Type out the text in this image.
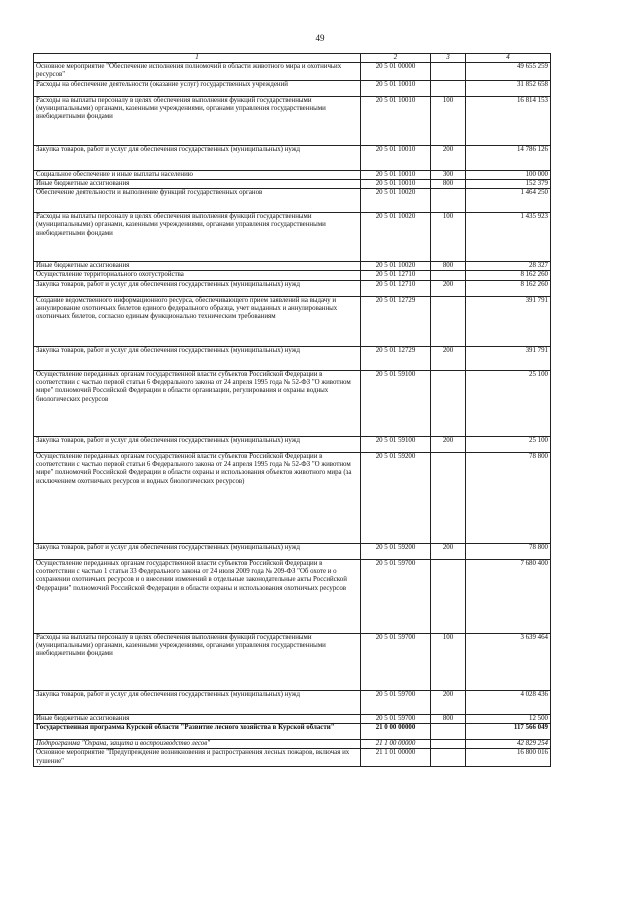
49
1	2	3	4
Основное мероприятие "Обеспечение исполнения полномочий в области животного мира и охотничьих ресурсов"	20 5 01 00000		49 655 259
Расходы на обеспечение деятельности (оказание услуг) государственных учреждений	20 5 01 10010		31 852 658
Расходы на выплаты персоналу в целях обеспечения выполнения функций государственными (муниципальными) органами, казенными учреждениями, органами управления государственными внебюджетными фондами	20 5 01 10010	100	16 814 153
Закупка товаров, работ и услуг для обеспечения государственных (муниципальных) нужд	20 5 01 10010	200	14 786 126
Социальное обеспечение и иные выплаты населению	20 5 01 10010	300	100 000
Иные бюджетные ассигнования	20 5 01 10010	800	152 379
Обеспечение деятельности и выполнение функций государственных органов	20 5 01 10020		1 464 250
Расходы на выплаты персоналу в целях обеспечения выполнения функций государственными (муниципальными) органами, казенными учреждениями, органами управления государственными внебюджетными фондами	20 5 01 10020	100	1 435 923
Иные бюджетные ассигнования	20 5 01 10020	800	28 327
Осуществление территориального охотустройства	20 5 01 12710		8 162 260
Закупка товаров, работ и услуг для обеспечения государственных (муниципальных) нужд	20 5 01 12710	200	8 162 260
Создание ведомственного информационного ресурса, обеспечивающего прием заявлений на выдачу и аннулирование охотничьих билетов единого федерального образца, учет выданных и аннулированных охотничьих билетов, согласно единым функционально техническим требованиям	20 5 01 12729		391 791
Закупка товаров, работ и услуг для обеспечения государственных (муниципальных) нужд	20 5 01 12729	200	391 791
Осуществление переданных органам государственной власти субъектов Российской Федерации в соответствии с частью первой статьи 6 Федерального закона от 24 апреля 1995 года № 52-ФЗ "О животном мире" полномочий Российской Федерации в области организации, регулирования и охраны водных биологических ресурсов	20 5 01 59100		25 100
Закупка товаров, работ и услуг для обеспечения государственных (муниципальных) нужд	20 5 01 59100	200	25 100
Осуществление переданных органам государственной власти субъектов Российской Федерации в соответствии с частью первой статьи 6 Федерального закона от 24 апреля 1995 года № 52-ФЗ "О животном мире" полномочий Российской Федерации в области охраны и использования объектов животного мира (за исключением охотничьих ресурсов и водных биологических ресурсов)	20 5 01 59200		78 800
Закупка товаров, работ и услуг для обеспечения государственных (муниципальных) нужд	20 5 01 59200	200	78 800
Осуществление переданных органам государственной власти субъектов Российской Федерации в соответствии с частью 1 статьи 33 Федерального закона от 24 июля 2009 года № 209-ФЗ "Об охоте и о сохранении охотничьих ресурсов и о внесении изменений в отдельные законодательные акты Российской Федерации" полномочий Российской Федерации в области охраны и использования охотничьих ресурсов	20 5 01 59700		7 680 400
Расходы на выплаты персоналу в целях обеспечения выполнения функций государственными (муниципальными) органами, казенными учреждениями, органами управления государственными внебюджетными фондами	20 5 01 59700	100	3 639 464
Закупка товаров, работ и услуг для обеспечения государственных (муниципальных) нужд	20 5 01 59700	200	4 028 436
Иные бюджетные ассигнования	20 5 01 59700	800	12 500
Государственная программа Курской области "Развитие лесного хозяйства в Курской области"	21 0 00 00000		117 566 049
Подпрограмма "Охрана, защита и воспроизводство лесов"	21 1 00 00000		42 829 254
Основное мероприятие "Предупреждение возникновения и распространения лесных пожаров, включая их тушение"	21 1 01 00000		16 800 016
